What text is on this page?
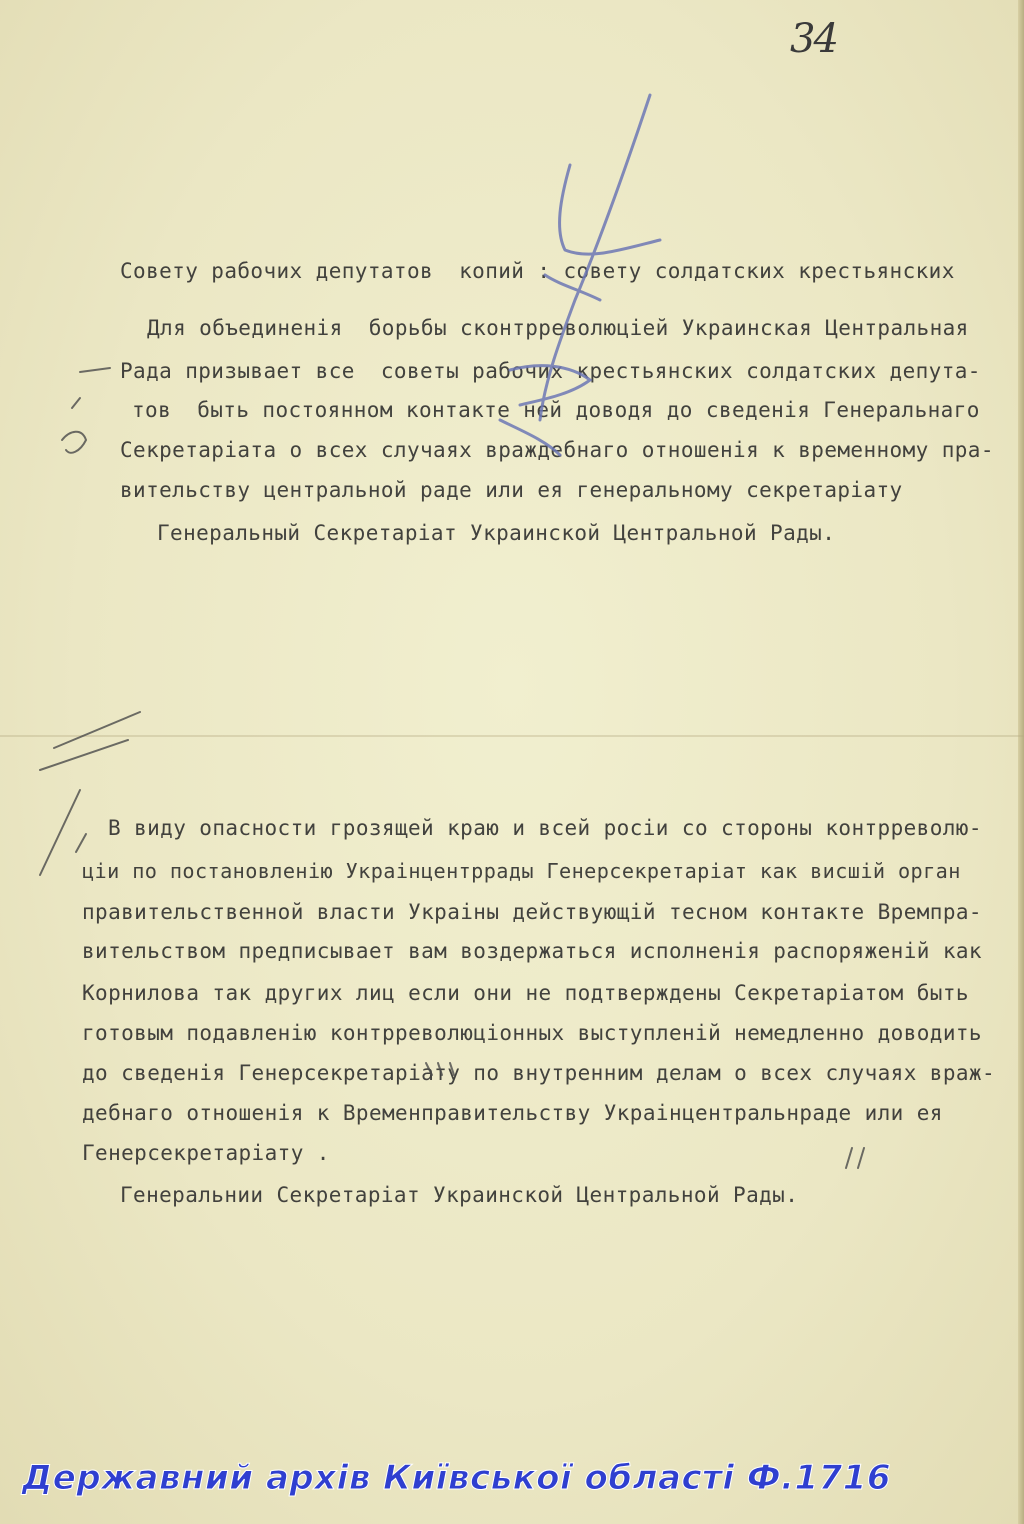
34
Совету рабочих депутатов  копий : совету солдатских крестьянских
Для объединенія  борьбы сконтрреволюціей Украинская Центральная
Рада призывает все  советы рабочих крестьянских солдатских депута-
тов  быть постоянном контакте ней доводя до сведенія Генеральнаго
Секретаріата о всех случаях враждебнаго отношенія к временному пра-
вительству центральной раде или ея генеральному секретаріату
Генеральный Секретаріат Украинской Центральной Рады.
В виду опасности грозящей краю и всей росіи со стороны контрреволю-
ціи по постановленію Украінцентррады Генерсекретаріат как висшій орган
правительственной власти Украіны действующій тесном контакте Времпра-
вительством предписывает вам воздержаться исполненія распоряженій как
Корнилова так других лиц если они не подтверждены Секретаріатом быть
готовым подавленію контрреволюціонных выступленій немедленно доводить
до сведенія Генерсекретаріату по внутренним делам о всех случаях враж-
дебнаго отношенія к Временправительству Украінцентральнраде или ея
Генерсекретаріату .
Генеральнии Секретаріат Украинской Центральной Рады.
Державний архів Київської області Ф.1716
